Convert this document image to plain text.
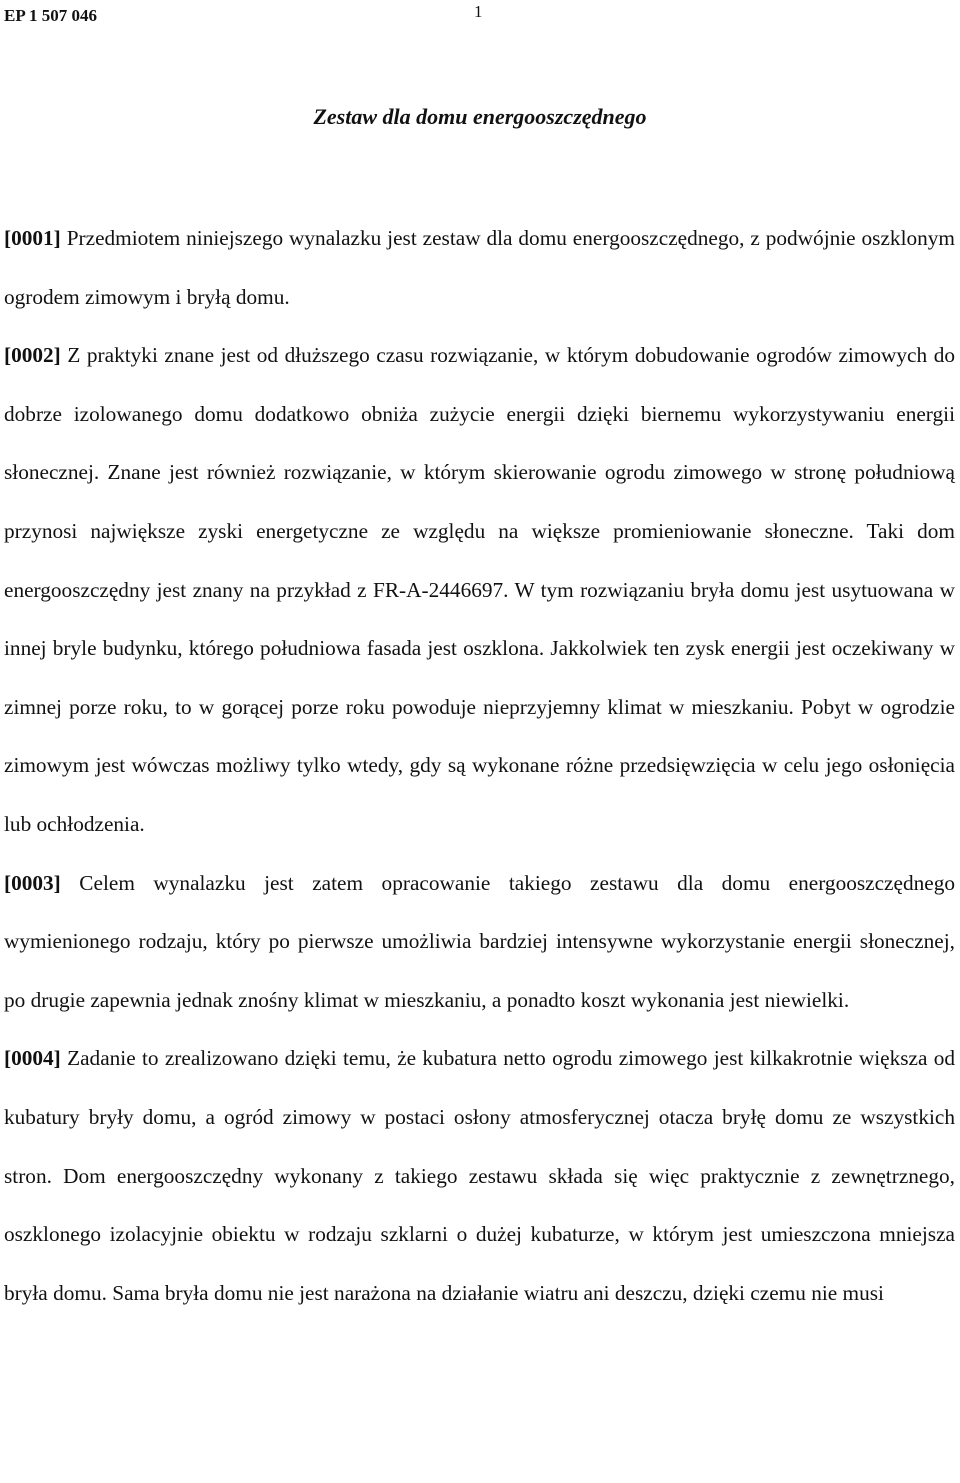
EP 1 507 046	1
Zestaw dla domu energooszczędnego

[0001] Przedmiotem niniejszego wynalazku jest zestaw dla domu energooszczędnego, z podwójnie oszklonym ogrodem zimowym i bryłą domu.

[0002] Z praktyki znane jest od dłuższego czasu rozwiązanie, w którym dobudowanie ogrodów zimowych do dobrze izolowanego domu dodatkowo obniża zużycie energii dzięki biernemu wykorzystywaniu energii słonecznej. Znane jest również rozwiązanie, w którym skierowanie ogrodu zimowego w stronę południową przynosi największe zyski energetyczne ze względu na większe promieniowanie słoneczne. Taki dom energooszczędny jest znany na przykład z FR-A-2446697. W tym rozwiązaniu bryła domu jest usytuowana w innej bryle budynku, którego południowa fasada jest oszklona. Jakkolwiek ten zysk energii jest oczekiwany w zimnej porze roku, to w gorącej porze roku powoduje nieprzyjemny klimat w mieszkaniu. Pobyt w ogrodzie zimowym jest wówczas możliwy tylko wtedy, gdy są wykonane różne przedsięwzięcia w celu jego osłonięcia lub ochłodzenia.

[0003] Celem wynalazku jest zatem opracowanie takiego zestawu dla domu energooszczędnego wymienionego rodzaju, który po pierwsze umożliwia bardziej intensywne wykorzystanie energii słonecznej, po drugie zapewnia jednak znośny klimat w mieszkaniu, a ponadto koszt wykonania jest niewielki.

[0004] Zadanie to zrealizowano dzięki temu, że kubatura netto ogrodu zimowego jest kilkakrotnie większa od kubatury bryły domu, a ogród zimowy w postaci osłony atmosferycznej otacza bryłę domu ze wszystkich stron. Dom energooszczędny wykonany z takiego zestawu składa się więc praktycznie z zewnętrznego, oszklonego izolacyjnie obiektu w rodzaju szklarni o dużej kubaturze, w którym jest umieszczona mniejsza bryła domu. Sama bryła domu nie jest narażona na działanie wiatru ani deszczu, dzięki czemu nie musi
